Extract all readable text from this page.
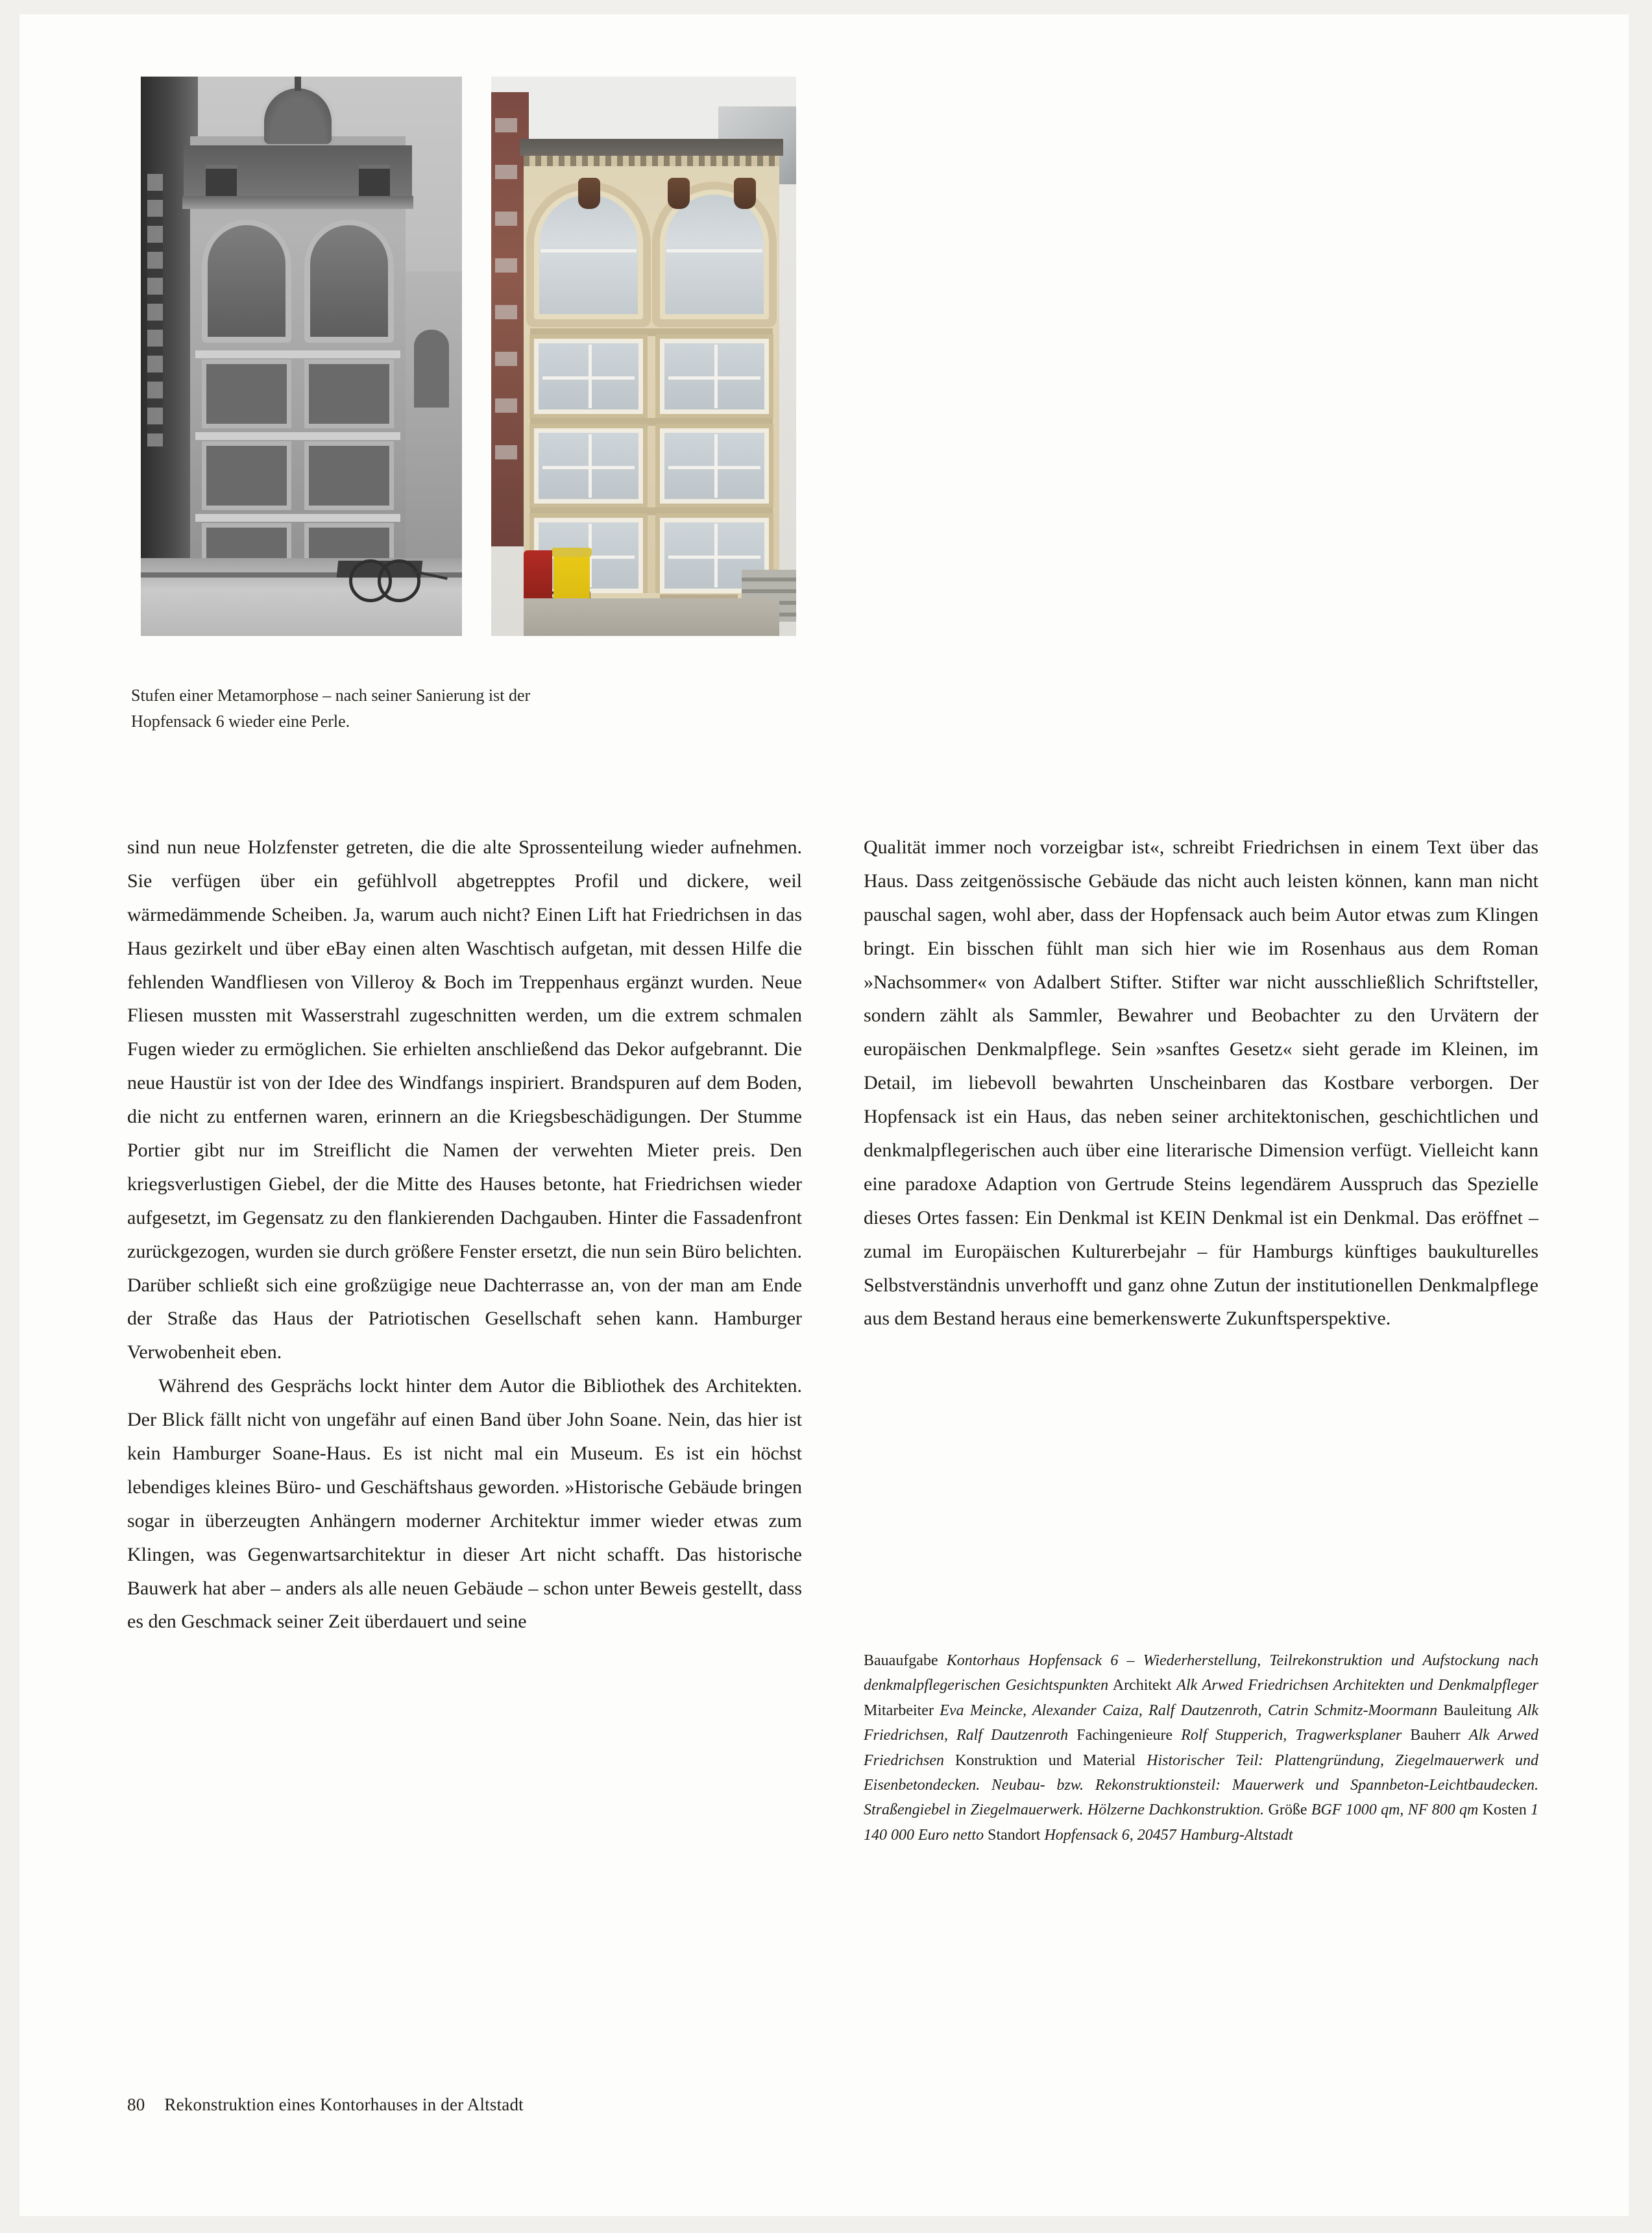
Stufen einer Metamorphose – nach seiner Sanierung ist der
Hopfensack 6 wieder eine Perle.

sind nun neue Holzfenster getreten, die die alte Sprossenteilung wieder aufnehmen. Sie verfügen über ein gefühlvoll abgetrepptes Profil und dickere, weil wärmedämmende Scheiben. Ja, warum auch nicht? Einen Lift hat Friedrichsen in das Haus gezirkelt und über eBay einen alten Waschtisch aufgetan, mit dessen Hilfe die fehlenden Wandfliesen von Villeroy & Boch im Treppenhaus ergänzt wurden. Neue Fliesen mussten mit Wasserstrahl zugeschnitten werden, um die extrem schmalen Fugen wieder zu ermöglichen. Sie erhielten anschließend das Dekor aufgebrannt. Die neue Haustür ist von der Idee des Windfangs inspiriert. Brandspuren auf dem Boden, die nicht zu entfernen waren, erinnern an die Kriegsbeschädigungen. Der Stumme Portier gibt nur im Streiflicht die Namen der verwehten Mieter preis. Den kriegsverlustigen Giebel, der die Mitte des Hauses betonte, hat Friedrichsen wieder aufgesetzt, im Gegensatz zu den flankierenden Dachgauben. Hinter die Fassadenfront zurückgezogen, wurden sie durch größere Fenster ersetzt, die nun sein Büro belichten. Darüber schließt sich eine großzügige neue Dachterrasse an, von der man am Ende der Straße das Haus der Patriotischen Gesellschaft sehen kann. Hamburger Verwobenheit eben.

Während des Gesprächs lockt hinter dem Autor die Bibliothek des Architekten. Der Blick fällt nicht von ungefähr auf einen Band über John Soane. Nein, das hier ist kein Hamburger Soane-Haus. Es ist nicht mal ein Museum. Es ist ein höchst lebendiges kleines Büro- und Geschäftshaus geworden. »Historische Gebäude bringen sogar in überzeugten Anhängern moderner Architektur immer wieder etwas zum Klingen, was Gegenwartsarchitektur in dieser Art nicht schafft. Das historische Bauwerk hat aber – anders als alle neuen Gebäude – schon unter Beweis gestellt, dass es den Geschmack seiner Zeit überdauert und seine

Qualität immer noch vorzeigbar ist«, schreibt Friedrichsen in einem Text über das Haus. Dass zeitgenössische Gebäude das nicht auch leisten können, kann man nicht pauschal sagen, wohl aber, dass der Hopfensack auch beim Autor etwas zum Klingen bringt. Ein bisschen fühlt man sich hier wie im Rosenhaus aus dem Roman »Nachsommer« von Adalbert Stifter. Stifter war nicht ausschließlich Schriftsteller, sondern zählt als Sammler, Bewahrer und Beobachter zu den Urvätern der europäischen Denkmalpflege. Sein »sanftes Gesetz« sieht gerade im Kleinen, im Detail, im liebevoll bewahrten Unscheinbaren das Kostbare verborgen. Der Hopfensack ist ein Haus, das neben seiner architektonischen, geschichtlichen und denkmalpflegerischen auch über eine literarische Dimension verfügt. Vielleicht kann eine paradoxe Adaption von Gertrude Steins legendärem Ausspruch das Spezielle dieses Ortes fassen: Ein Denkmal ist KEIN Denkmal ist ein Denkmal. Das eröffnet – zumal im Europäischen Kulturerbejahr – für Hamburgs künftiges baukulturelles Selbstverständnis unverhofft und ganz ohne Zutun der institutionellen Denkmalpflege aus dem Bestand heraus eine bemerkenswerte Zukunftsperspektive.

Bauaufgabe Kontorhaus Hopfensack 6 – Wiederherstellung, Teilrekonstruktion und Aufstockung nach denkmalpflegerischen Gesichtspunkten Architekt Alk Arwed Friedrichsen Architekten und Denkmalpfleger Mitarbeiter Eva Meincke, Alexander Caiza, Ralf Dautzenroth, Catrin Schmitz-Moormann Bauleitung Alk Friedrichsen, Ralf Dautzenroth Fachingenieure Rolf Stupperich, Tragwerksplaner Bauherr Alk Arwed Friedrichsen Konstruktion und Material Historischer Teil: Plattengründung, Ziegelmauerwerk und Eisenbetondecken. Neubau- bzw. Rekonstruktionsteil: Mauerwerk und Spannbeton-Leichtbaudecken. Straßengiebel in Ziegelmauerwerk. Hölzerne Dachkonstruktion. Größe BGF 1000 qm, NF 800 qm Kosten 1 140 000 Euro netto Standort Hopfensack 6, 20457 Hamburg-Altstadt
80 Rekonstruktion eines Kontorhauses in der Altstadt
